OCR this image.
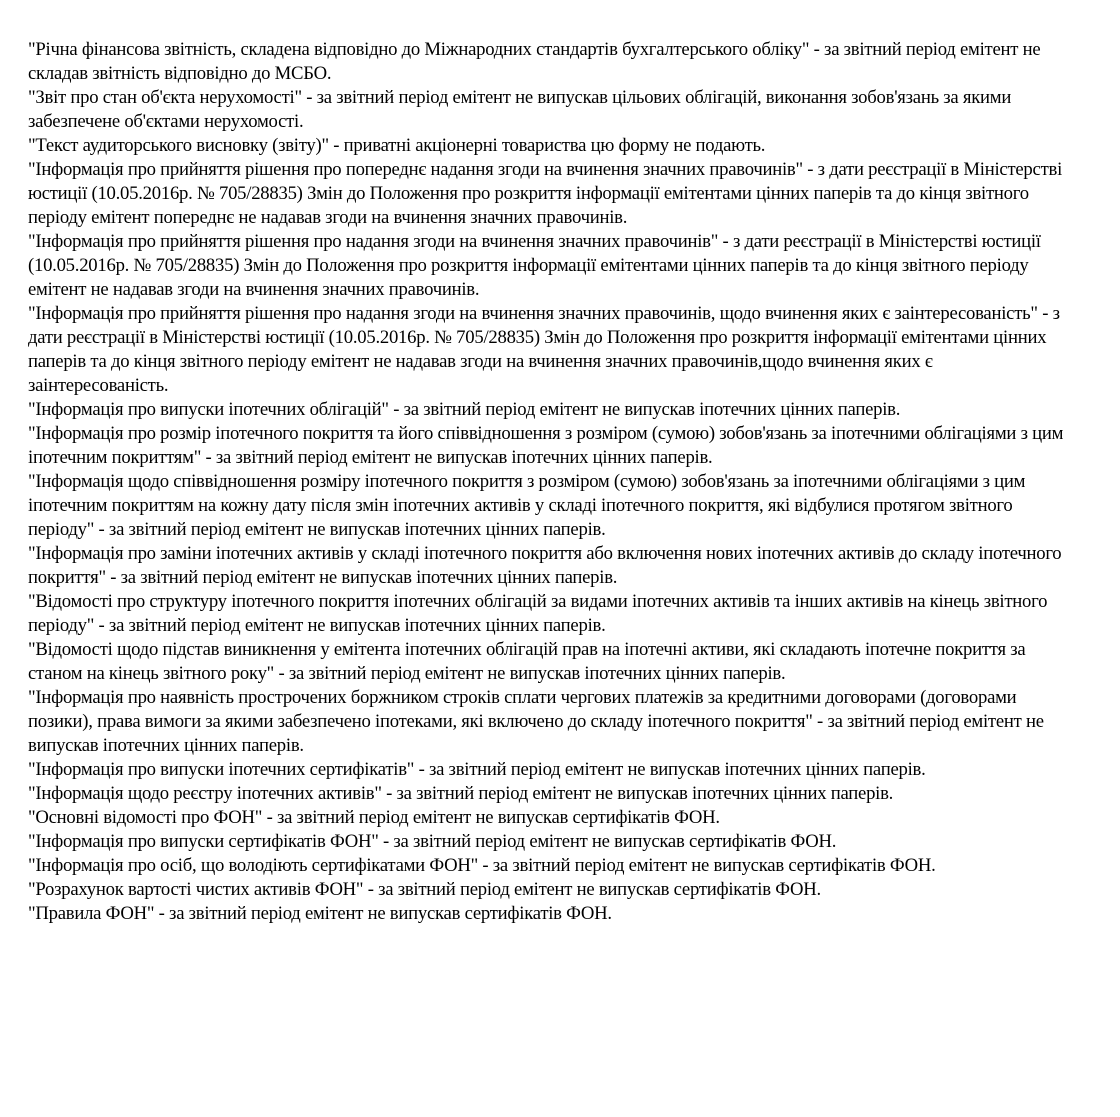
"Річна фінансова звітність, складена відповідно до Міжнародних стандартів бухгалтерського обліку" - за звітний період емітент не складав звітність відповідно до МСБО.

"Звіт про стан об'єкта нерухомості" - за звітний період емітент не випускав цільових облігацій, виконання зобов'язань за якими забезпечене об'єктами нерухомості.

"Текст аудиторського висновку (звіту)" - приватні акціонерні товариства цю форму не подають.

"Інформація про прийняття рішення про попереднє надання згоди на вчинення значних правочинів" - з дати реєстрації в Міністерстві юстиції (10.05.2016р. № 705/28835) Змін до Положення про розкриття інформації емітентами цінних паперів та до кінця звітного періоду емітент попереднє не надавав згоди на вчинення значних правочинів.

"Інформація про прийняття рішення про надання згоди на вчинення значних правочинів" - з дати реєстрації в Міністерстві юстиції (10.05.2016р. № 705/28835) Змін до Положення про розкриття інформації емітентами цінних паперів та до кінця звітного періоду емітент не надавав згоди на вчинення значних правочинів.

"Інформація про прийняття рішення про надання згоди на вчинення значних правочинів, щодо вчинення яких є заінтересованість" - з дати реєстрації в Міністерстві юстиції (10.05.2016р. № 705/28835) Змін до Положення про розкриття інформації емітентами цінних паперів та до кінця звітного періоду емітент не надавав згоди на вчинення значних правочинів,щодо вчинення яких є заінтересованість.

"Інформація про випуски іпотечних облігацій" - за звітний період емітент не випускав іпотечних цінних паперів.

"Інформація про розмір іпотечного покриття та його співвідношення з розміром (сумою) зобов'язань за іпотечними облігаціями з цим іпотечним покриттям" - за звітний період емітент не випускав іпотечних цінних паперів.

"Інформація щодо співвідношення розміру іпотечного покриття з розміром (сумою) зобов'язань за іпотечними облігаціями з цим іпотечним покриттям на кожну дату після змін іпотечних активів у складі іпотечного покриття, які відбулися протягом звітного періоду" - за звітний період емітент не випускав іпотечних цінних паперів.

"Інформація про заміни іпотечних активів у складі іпотечного покриття або включення нових іпотечних активів до складу іпотечного покриття" - за звітний період емітент не випускав іпотечних цінних паперів.

"Відомості про структуру іпотечного покриття іпотечних облігацій за видами іпотечних активів та інших активів на кінець звітного періоду" - за звітний період емітент не випускав іпотечних цінних паперів.

"Відомості щодо підстав виникнення у емітента іпотечних облігацій прав на іпотечні активи, які складають іпотечне покриття за станом на кінець звітного року" - за звітний період емітент не випускав іпотечних цінних паперів.

"Інформація про наявність прострочених боржником строків сплати чергових платежів за кредитними договорами (договорами позики), права вимоги за якими забезпечено іпотеками, які включено до складу іпотечного покриття" - за звітний період емітент не випускав іпотечних цінних паперів.

"Інформація про випуски іпотечних сертифікатів" - за звітний період емітент не випускав іпотечних цінних паперів.

"Інформація щодо реєстру іпотечних активів" - за звітний період емітент не випускав іпотечних цінних паперів.

"Основні відомості про ФОН" - за звітний період емітент не випускав сертифікатів ФОН.

"Інформація про випуски сертифікатів ФОН" - за звітний період емітент не випускав сертифікатів ФОН.

"Інформація про осіб, що володіють сертифікатами ФОН" - за звітний період емітент не випускав сертифікатів ФОН.

"Розрахунок вартості чистих активів ФОН" - за звітний період емітент не випускав сертифікатів ФОН.

"Правила ФОН" - за звітний період емітент не випускав сертифікатів ФОН.
